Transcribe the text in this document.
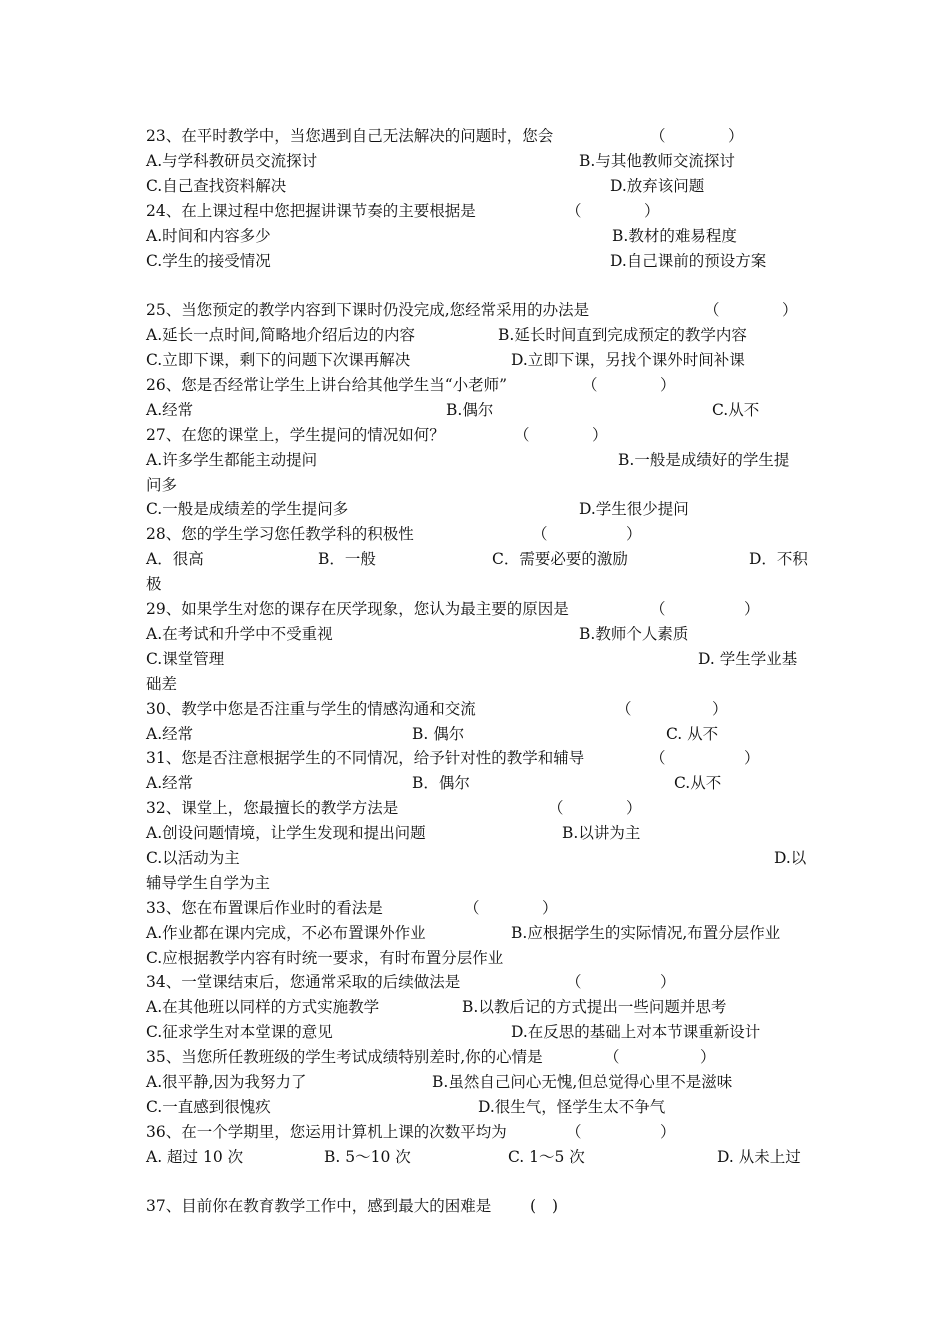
23、在平时教学中，当您遇到自己无法解决的问题时，您会	（	）
A.与学科教研员交流探讨	B.与其他教师交流探讨
C.自己查找资料解决	D.放弃该问题
24、在上课过程中您把握讲课节奏的主要根据是	（	）
A.时间和内容多少	B.教材的难易程度
C.学生的接受情况	D.自己课前的预设方案
25、当您预定的教学内容到下课时仍没完成,您经常采用的办法是	（	）
A.延长一点时间,简略地介绍后边的内容	B.延长时间直到完成预定的教学内容
C.立即下课，剩下的问题下次课再解决	D.立即下课，另找个课外时间补课
26、您是否经常让学生上讲台给其他学生当“小老师”	（	）
A.经常	B.偶尔	C.从不
27、在您的课堂上，学生提问的情况如何？	（	）
A.许多学生都能主动提问	B.一般是成绩好的学生提
问多
C.一般是成绩差的学生提问多	D.学生很少提问
28、您的学生学习您任教学科的积极性	（	）
A．很高	B．一般	C．需要必要的激励	D．不积
极
29、如果学生对您的课存在厌学现象，您认为最主要的原因是	（	）
A.在考试和升学中不受重视	B.教师个人素质
C.课堂管理	D. 学生学业基
础差
30、教学中您是否注重与学生的情感沟通和交流	（	）
A.经常	B. 偶尔	C. 从不
31、您是否注意根据学生的不同情况，给予针对性的教学和辅导	（	）
A.经常	B．偶尔	C.从不
32、课堂上，您最擅长的教学方法是	（	）
A.创设问题情境，让学生发现和提出问题	B.以讲为主
C.以活动为主	D.以
辅导学生自学为主
33、您在布置课后作业时的看法是	（	）
A.作业都在课内完成，不必布置课外作业	B.应根据学生的实际情况,布置分层作业
C.应根据教学内容有时统一要求，有时布置分层作业
34、一堂课结束后，您通常采取的后续做法是	（	）
A.在其他班以同样的方式实施教学	B.以教后记的方式提出一些问题并思考
C.征求学生对本堂课的意见	D.在反思的基础上对本节课重新设计
35、当您所任教班级的学生考试成绩特别差时,你的心情是	（	）
A.很平静,因为我努力了	B.虽然自己问心无愧,但总觉得心里不是滋味
C.一直感到很愧疚	D.很生气，怪学生太不争气
36、在一个学期里，您运用计算机上课的次数平均为	（	）
A. 超过 10 次	B. 5～10 次	C. 1～5 次	D. 从未上过
37、目前你在教育教学工作中，感到最大的困难是	( )
